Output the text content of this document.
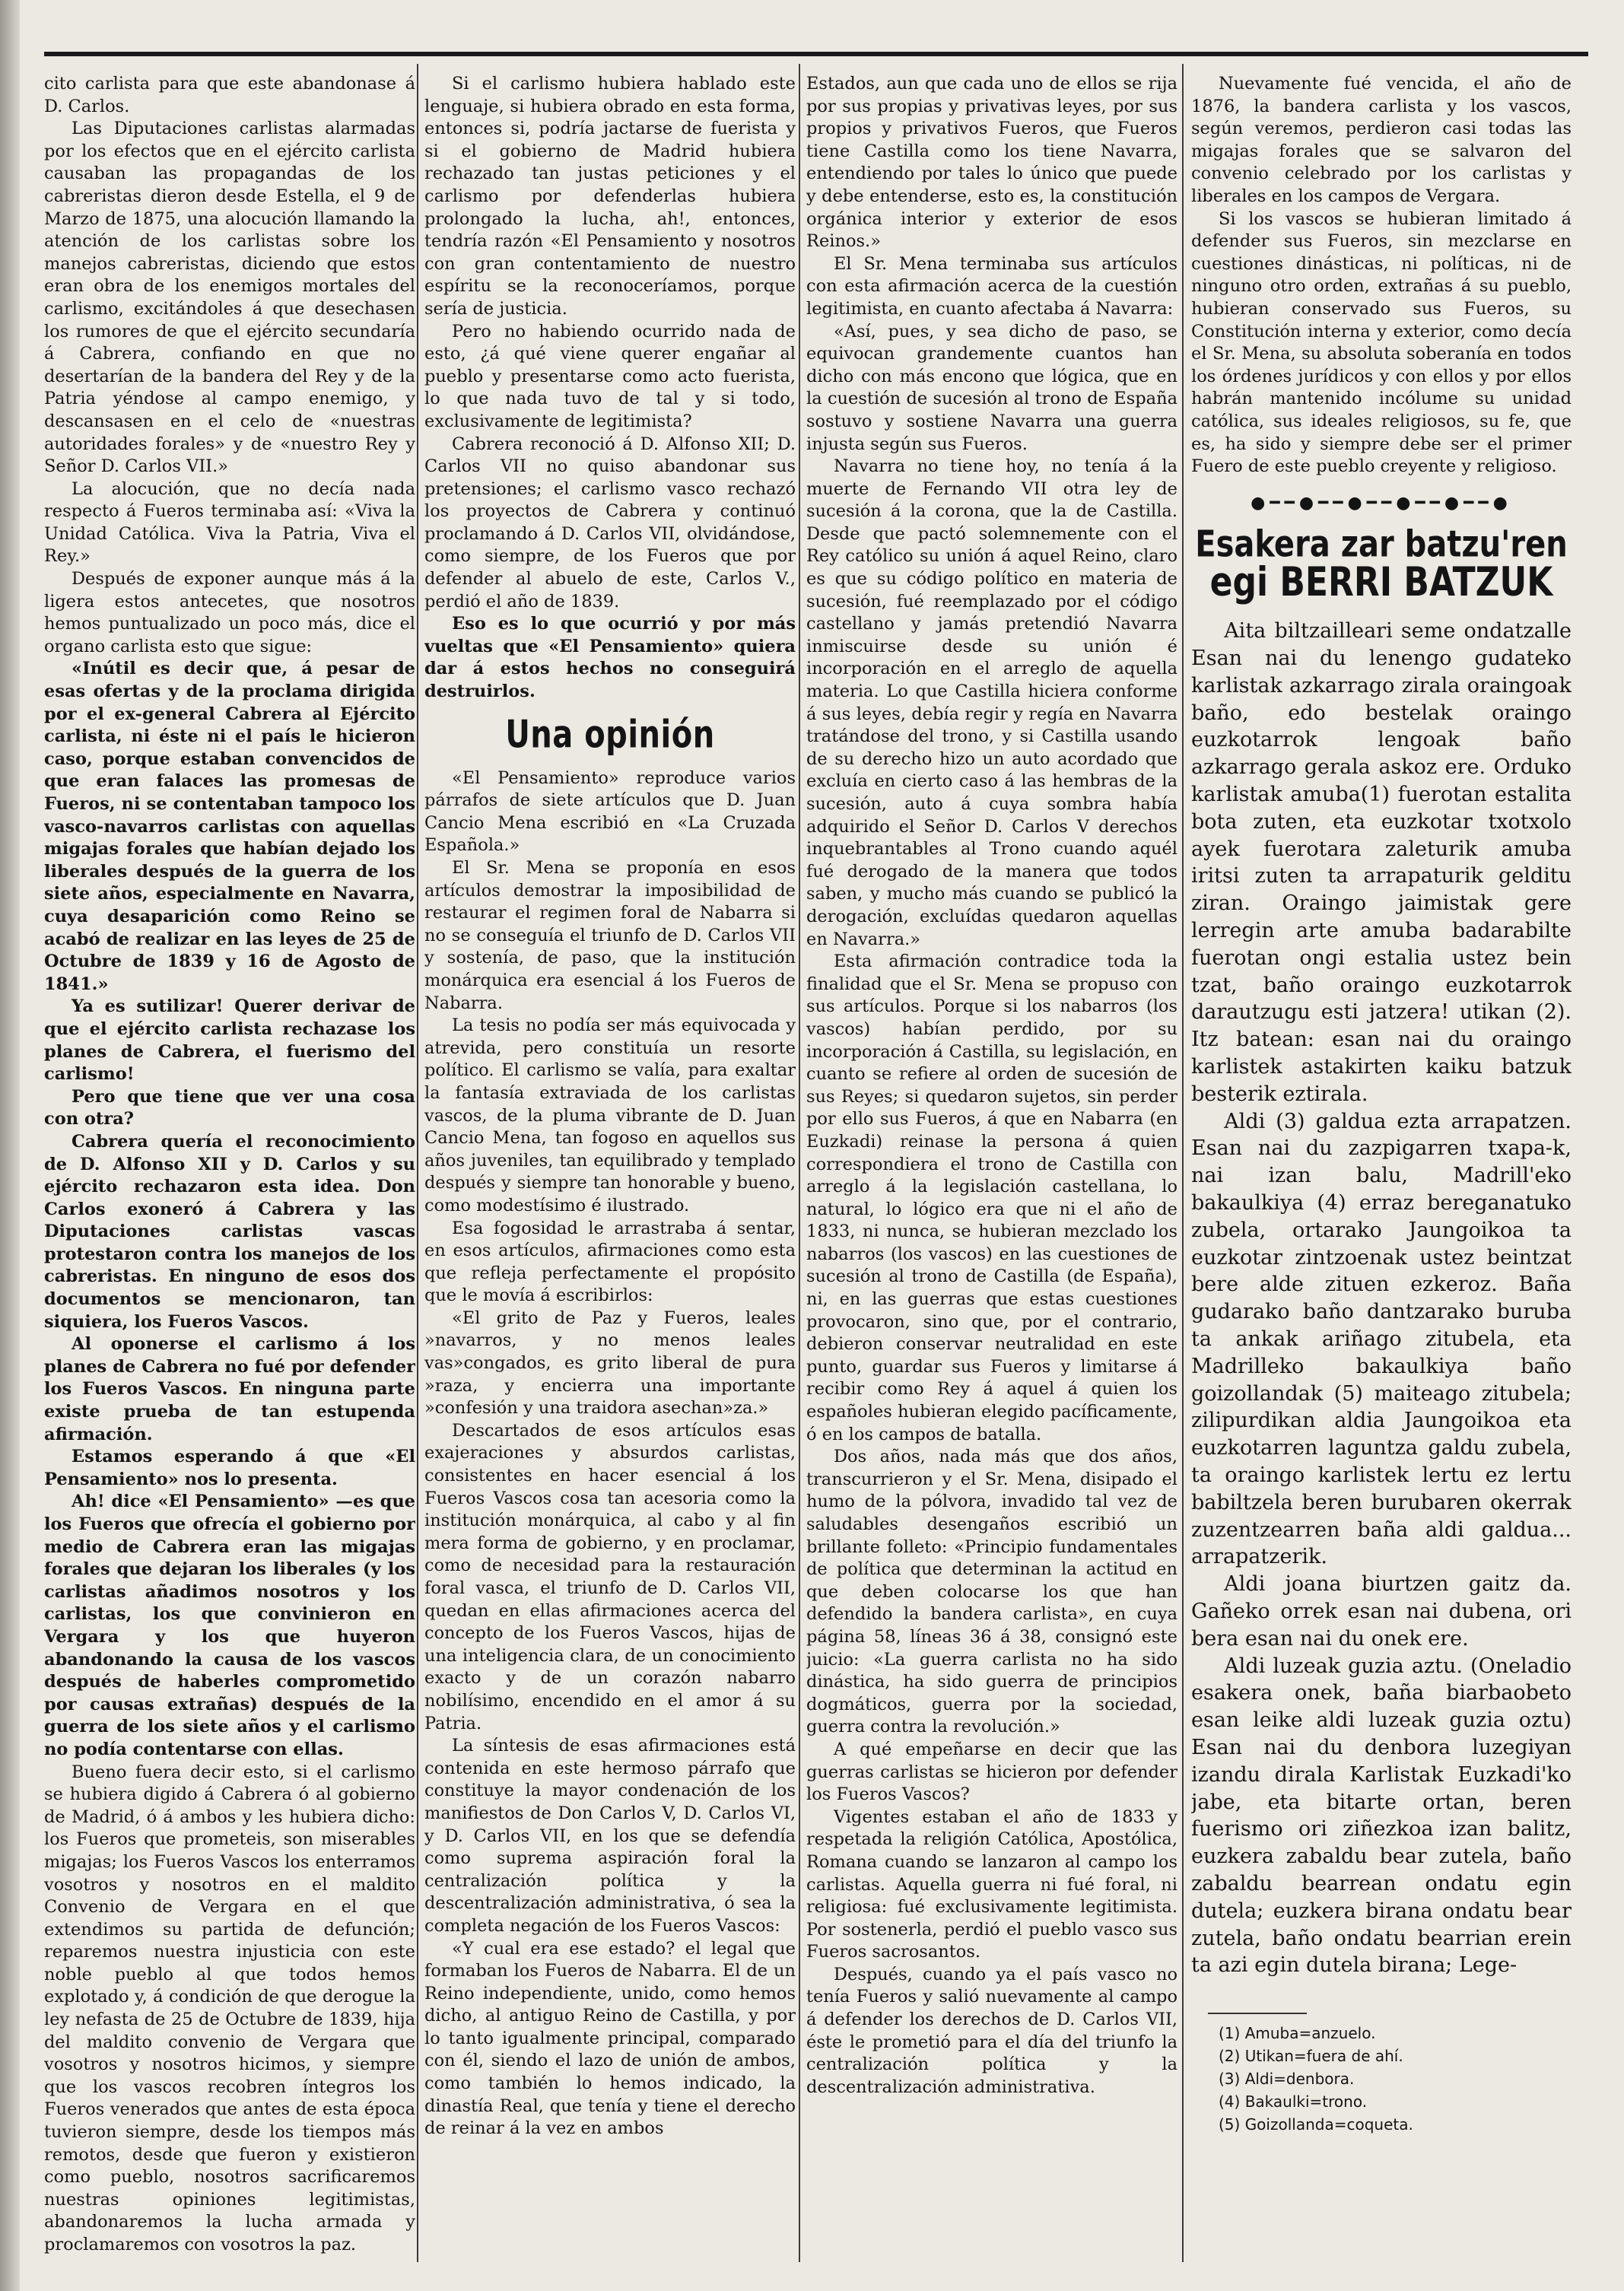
cito carlista para que este abandonase á D. Carlos.

Las Diputaciones carlistas alarmadas por los efectos que en el ejército carlista causaban las propagandas de los cabreristas dieron desde Estella, el 9 de Marzo de 1875, una alocución llamando la atención de los carlistas sobre los manejos cabreristas, diciendo que estos eran obra de los enemigos mortales del carlismo, excitándoles á que desechasen los rumores de que el ejército secundaría á Cabrera, confiando en que no desertarían de la bandera del Rey y de la Patria yéndose al campo enemigo, y descansasen en el celo de «nuestras autoridades forales» y de «nuestro Rey y Señor D. Carlos VII.»

La alocución, que no decía nada respecto á Fueros terminaba así: «Viva la Unidad Católica. Viva la Patria, Viva el Rey.»

Después de exponer aunque más á la ligera estos antecetes, que nosotros hemos puntualizado un poco más, dice el organo carlista esto que sigue:

«Inútil es decir que, á pesar de esas ofertas y de la proclama dirigida por el ex-general Cabrera al Ejército carlista, ni éste ni el país le hicieron caso, porque estaban convencidos de que eran falaces las promesas de Fueros, ni se contentaban tampoco los vasco-navarros carlistas con aquellas migajas forales que habían dejado los liberales después de la guerra de los siete años, especialmente en Navarra, cuya desaparición como Reino se acabó de realizar en las leyes de 25 de Octubre de 1839 y 16 de Agosto de 1841.»

Ya es sutilizar! Querer derivar de que el ejército carlista rechazase los planes de Cabrera, el fuerismo del carlismo!

Pero que tiene que ver una cosa con otra?

Cabrera quería el reconocimiento de D. Alfonso XII y D. Carlos y su ejército rechazaron esta idea. Don Carlos exoneró á Cabrera y las Diputaciones carlistas vascas protestaron contra los manejos de los cabreristas. En ninguno de esos dos documentos se mencionaron, tan siquiera, los Fueros Vascos.

Al oponerse el carlismo á los planes de Cabrera no fué por defender los Fueros Vascos. En ninguna parte existe prueba de tan estupenda afirmación.

Estamos esperando á que «El Pensamiento» nos lo presenta.

Ah! dice «El Pensamiento» —es que los Fueros que ofrecía el gobierno por medio de Cabrera eran las migajas forales que dejaran los liberales (y los carlistas añadimos nosotros y los carlistas, los que convinieron en Vergara y los que huyeron abandonando la causa de los vascos después de haberles comprometido por causas extrañas) después de la guerra de los siete años y el carlismo no podía contentarse con ellas.

Bueno fuera decir esto, si el carlismo se hubiera digido á Cabrera ó al gobierno de Madrid, ó á ambos y les hubiera dicho: los Fueros que prometeis, son miserables migajas; los Fueros Vascos los enterramos vosotros y nosotros en el maldito Convenio de Vergara en el que extendimos su partida de defunción; reparemos nuestra injusticia con este noble pueblo al que todos hemos explotado y, á condición de que derogue la ley nefasta de 25 de Octubre de 1839, hija del maldito convenio de Vergara que vosotros y nosotros hicimos, y siempre que los vascos recobren íntegros los Fueros venerados que antes de esta época tuvieron siempre, desde los tiempos más remotos, desde que fueron y existieron como pueblo, nosotros sacrificaremos nuestras opiniones legitimistas, abandonaremos la lucha armada y proclamaremos con vosotros la paz.

Si el carlismo hubiera hablado este lenguaje, si hubiera obrado en esta forma, entonces si, podría jactarse de fuerista y si el gobierno de Madrid hubiera rechazado tan justas peticiones y el carlismo por defenderlas hubiera prolongado la lucha, ah!, entonces, tendría razón «El Pensamiento y nosotros con gran contentamiento de nuestro espíritu se la reconoceríamos, porque sería de justicia.

Pero no habiendo ocurrido nada de esto, ¿á qué viene querer engañar al pueblo y presentarse como acto fuerista, lo que nada tuvo de tal y si todo, exclusivamente de legitimista?

Cabrera reconoció á D. Alfonso XII; D. Carlos VII no quiso abandonar sus pretensiones; el carlismo vasco rechazó los proyectos de Cabrera y continuó proclamando á D. Carlos VII, olvidándose, como siempre, de los Fueros que por defender al abuelo de este, Carlos V., perdió el año de 1839.

Eso es lo que ocurrió y por más vueltas que «El Pensamiento» quiera dar á estos hechos no conseguirá destruirlos.

Una opinión

«El Pensamiento» reproduce varios párrafos de siete artículos que D. Juan Cancio Mena escribió en «La Cruzada Española.»

El Sr. Mena se proponía en esos artículos demostrar la imposibilidad de restaurar el regimen foral de Nabarra si no se conseguía el triunfo de D. Carlos VII y sostenía, de paso, que la institución monárquica era esencial á los Fueros de Nabarra.

La tesis no podía ser más equivocada y atrevida, pero constituía un resorte político. El carlismo se valía, para exaltar la fantasía extraviada de los carlistas vascos, de la pluma vibrante de D. Juan Cancio Mena, tan fogoso en aquellos sus años juveniles, tan equilibrado y templado después y siempre tan honorable y bueno, como modestísimo é ilustrado.

Esa fogosidad le arrastraba á sentar, en esos artículos, afirmaciones como esta que refleja perfectamente el propósito que le movía á escribirlos:

«El grito de Paz y Fueros, leales »navarros, y no menos leales vas»congados, es grito liberal de pura »raza, y encierra una importante »confesión y una traidora asechan»za.»

Descartados de esos artículos esas exajeraciones y absurdos carlistas, consistentes en hacer esencial á los Fueros Vascos cosa tan acesoria como la institución monárquica, al cabo y al fin mera forma de gobierno, y en proclamar, como de necesidad para la restauración foral vasca, el triunfo de D. Carlos VII, quedan en ellas afirmaciones acerca del concepto de los Fueros Vascos, hijas de una inteligencia clara, de un conocimiento exacto y de un corazón nabarro nobilísimo, encendido en el amor á su Patria.

La síntesis de esas afirmaciones está contenida en este hermoso párrafo que constituye la mayor condenación de los manifiestos de Don Carlos V, D. Carlos VI, y D. Carlos VII, en los que se defendía como suprema aspiración foral la centralización política y la descentralización administrativa, ó sea la completa negación de los Fueros Vascos:

«Y cual era ese estado? el legal que formaban los Fueros de Nabarra. El de un Reino independiente, unido, como hemos dicho, al antiguo Reino de Castilla, y por lo tanto igualmente principal, comparado con él, siendo el lazo de unión de ambos, como también lo hemos indicado, la dinastía Real, que tenía y tiene el derecho de reinar á la vez en ambos

Estados, aun que cada uno de ellos se rija por sus propias y privativas leyes, por sus propios y privativos Fueros, que Fueros tiene Castilla como los tiene Navarra, entendiendo por tales lo único que puede y debe entenderse, esto es, la constitución orgánica interior y exterior de esos Reinos.»

El Sr. Mena terminaba sus artículos con esta afirmación acerca de la cuestión legitimista, en cuanto afectaba á Navarra:

«Así, pues, y sea dicho de paso, se equivocan grandemente cuantos han dicho con más encono que lógica, que en la cuestión de sucesión al trono de España sostuvo y sostiene Navarra una guerra injusta según sus Fueros.

Navarra no tiene hoy, no tenía á la muerte de Fernando VII otra ley de sucesión á la corona, que la de Castilla. Desde que pactó solemnemente con el Rey católico su unión á aquel Reino, claro es que su código político en materia de sucesión, fué reemplazado por el código castellano y jamás pretendió Navarra inmiscuirse desde su unión é incorporación en el arreglo de aquella materia. Lo que Castilla hiciera conforme á sus leyes, debía regir y regía en Navarra tratándose del trono, y si Castilla usando de su derecho hizo un auto acordado que excluía en cierto caso á las hembras de la sucesión, auto á cuya sombra había adquirido el Señor D. Carlos V derechos inquebrantables al Trono cuando aquél fué derogado de la manera que todos saben, y mucho más cuando se publicó la derogación, excluídas quedaron aquellas en Navarra.»

Esta afirmación contradice toda la finalidad que el Sr. Mena se propuso con sus artículos. Porque si los nabarros (los vascos) habían perdido, por su incorporación á Castilla, su legislación, en cuanto se refiere al orden de sucesión de sus Reyes; si quedaron sujetos, sin perder por ello sus Fueros, á que en Nabarra (en Euzkadi) reinase la persona á quien correspondiera el trono de Castilla con arreglo á la legislación castellana, lo natural, lo lógico era que ni el año de 1833, ni nunca, se hubieran mezclado los nabarros (los vascos) en las cuestiones de sucesión al trono de Castilla (de España), ni, en las guerras que estas cuestiones provocaron, sino que, por el contrario, debieron conservar neutralidad en este punto, guardar sus Fueros y limitarse á recibir como Rey á aquel á quien los españoles hubieran elegido pacíficamente, ó en los campos de batalla.

Dos años, nada más que dos años, transcurrieron y el Sr. Mena, disipado el humo de la pólvora, invadido tal vez de saludables desengaños escribió un brillante folleto: «Principio fundamentales de política que determinan la actitud en que deben colocarse los que han defendido la bandera carlista», en cuya página 58, líneas 36 á 38, consignó este juicio: «La guerra carlista no ha sido dinástica, ha sido guerra de principios dogmáticos, guerra por la sociedad, guerra contra la revolución.»

A qué empeñarse en decir que las guerras carlistas se hicieron por defender los Fueros Vascos?

Vigentes estaban el año de 1833 y respetada la religión Católica, Apostólica, Romana cuando se lanzaron al campo los carlistas. Aquella guerra ni fué foral, ni religiosa: fué exclusivamente legitimista. Por sostenerla, perdió el pueblo vasco sus Fueros sacrosantos.

Después, cuando ya el país vasco no tenía Fueros y salió nuevamente al campo á defender los derechos de D. Carlos VII, éste le prometió para el día del triunfo la centralización política y la descentralización administrativa.

Nuevamente fué vencida, el año de 1876, la bandera carlista y los vascos, según veremos, perdieron casi todas las migajas forales que se salvaron del convenio celebrado por los carlistas y liberales en los campos de Vergara.

Si los vascos se hubieran limitado á defender sus Fueros, sin mezclarse en cuestiones dinásticas, ni políticas, ni de ninguno otro orden, extrañas á su pueblo, hubieran conservado sus Fueros, su Constitución interna y exterior, como decía el Sr. Mena, su absoluta soberanía en todos los órdenes jurídicos y con ellos y por ellos habrán mantenido incólume su unidad católica, sus ideales religiosos, su fe, que es, ha sido y siempre debe ser el primer Fuero de este pueblo creyente y religioso.

●━━●━━●━━●━━●━━●
Esakera zar batzu'ren
egi BERRI BATZUK

Aita biltzailleari seme ondatzalle Esan nai du lenengo gudateko karlistak azkarrago zirala oraingoak baño, edo bestelak oraingo euzkotarrok lengoak baño azkarrago gerala askoz ere. Orduko karlistak amuba(1) fuerotan estalita bota zuten, eta euzkotar txotxolo ayek fuerotara zaleturik amuba iritsi zuten ta arrapaturik gelditu ziran. Oraingo jaimistak gere lerregin arte amuba badarabilte fuerotan ongi estalia ustez bein tzat, baño oraingo euzkotarrok darautzugu esti jatzera! utikan (2). Itz batean: esan nai du oraingo karlistek astakirten kaiku batzuk besterik eztirala.

Aldi (3) galdua ezta arrapatzen. Esan nai du zazpigarren txapa-k, nai izan balu, Madrill'eko bakaulkiya (4) erraz bereganatuko zubela, ortarako Jaungoikoa ta euzkotar zintzoenak ustez beintzat bere alde zituen ezkeroz. Baña gudarako baño dantzarako buruba ta ankak ariñago zitubela, eta Madrilleko bakaulkiya baño goizollandak (5) maiteago zitubela; zilipurdikan aldia Jaungoikoa eta euzkotarren laguntza galdu zubela, ta oraingo karlistek lertu ez lertu babiltzela beren burubaren okerrak zuzentzearren baña aldi galdua... arrapatzerik.

Aldi joana biurtzen gaitz da. Gañeko orrek esan nai dubena, ori bera esan nai du onek ere.

Aldi luzeak guzia aztu. (Oneladio esakera onek, baña biarbaobeto esan leike aldi luzeak guzia oztu) Esan nai du denbora luzegiyan izandu dirala Karlistak Euzkadi'ko jabe, eta bitarte ortan, beren fuerismo ori ziñezkoa izan balitz, euzkera zabaldu bear zutela, baño zabaldu bearrean ondatu egin dutela; euzkera birana ondatu bear zutela, baño ondatu bearrian erein ta azi egin dutela birana; Lege-

(1) Amuba=anzuelo.
(2) Utikan=fuera de ahí.
(3) Aldi=denbora.
(4) Bakaulki=trono.
(5) Goizollanda=coqueta.
